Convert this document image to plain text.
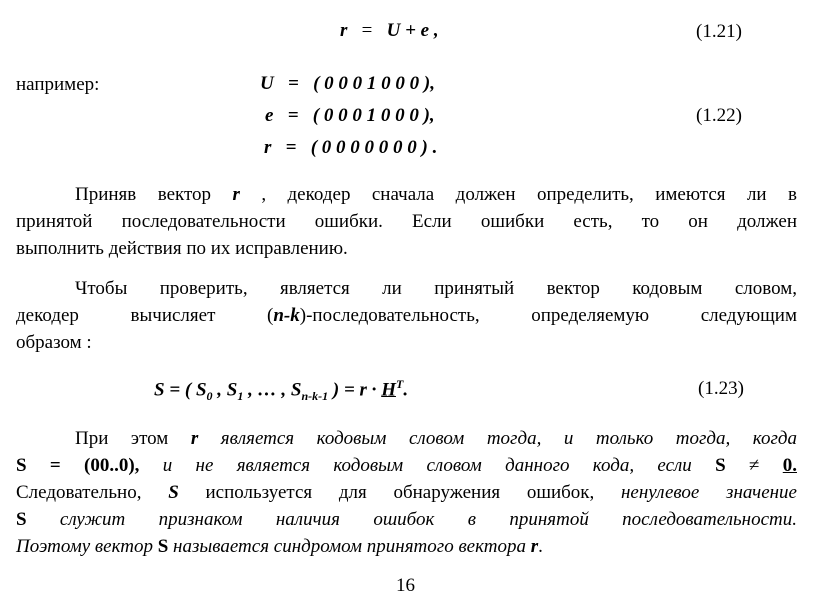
r = U + e ,	(1.21)
например:	U = ( 0 0 0 1 0 0 0 ),
e = ( 0 0 0 1 0 0 0 ),	(1.22)
r = ( 0 0 0 0 0 0 0 ) .
Приняв вектор r , декодер сначала должен определить, имеются ли в
принятой последовательности ошибки. Если ошибки есть, то он должен
выполнить действия по их исправлению.
Чтобы проверить, является ли принятый вектор кодовым словом,
декодер вычисляет (n-k)-последовательность, определяемую следующим
образом :
S = ( $S_0$ , $S_1$ , … , $S_{n-k-1}$ ) = $r \cdot H^T$.	(1.23)
При этом r является кодовым словом тогда, и только тогда, когда
S = (00..0), и не является кодовым словом данного кода, если S ≠ 0.
Следовательно, S используется для обнаружения ошибок, ненулевое значение
S служит признаком наличия ошибок в принятой последовательности.
Поэтому вектор S называется синдромом принятого вектора r.
16
